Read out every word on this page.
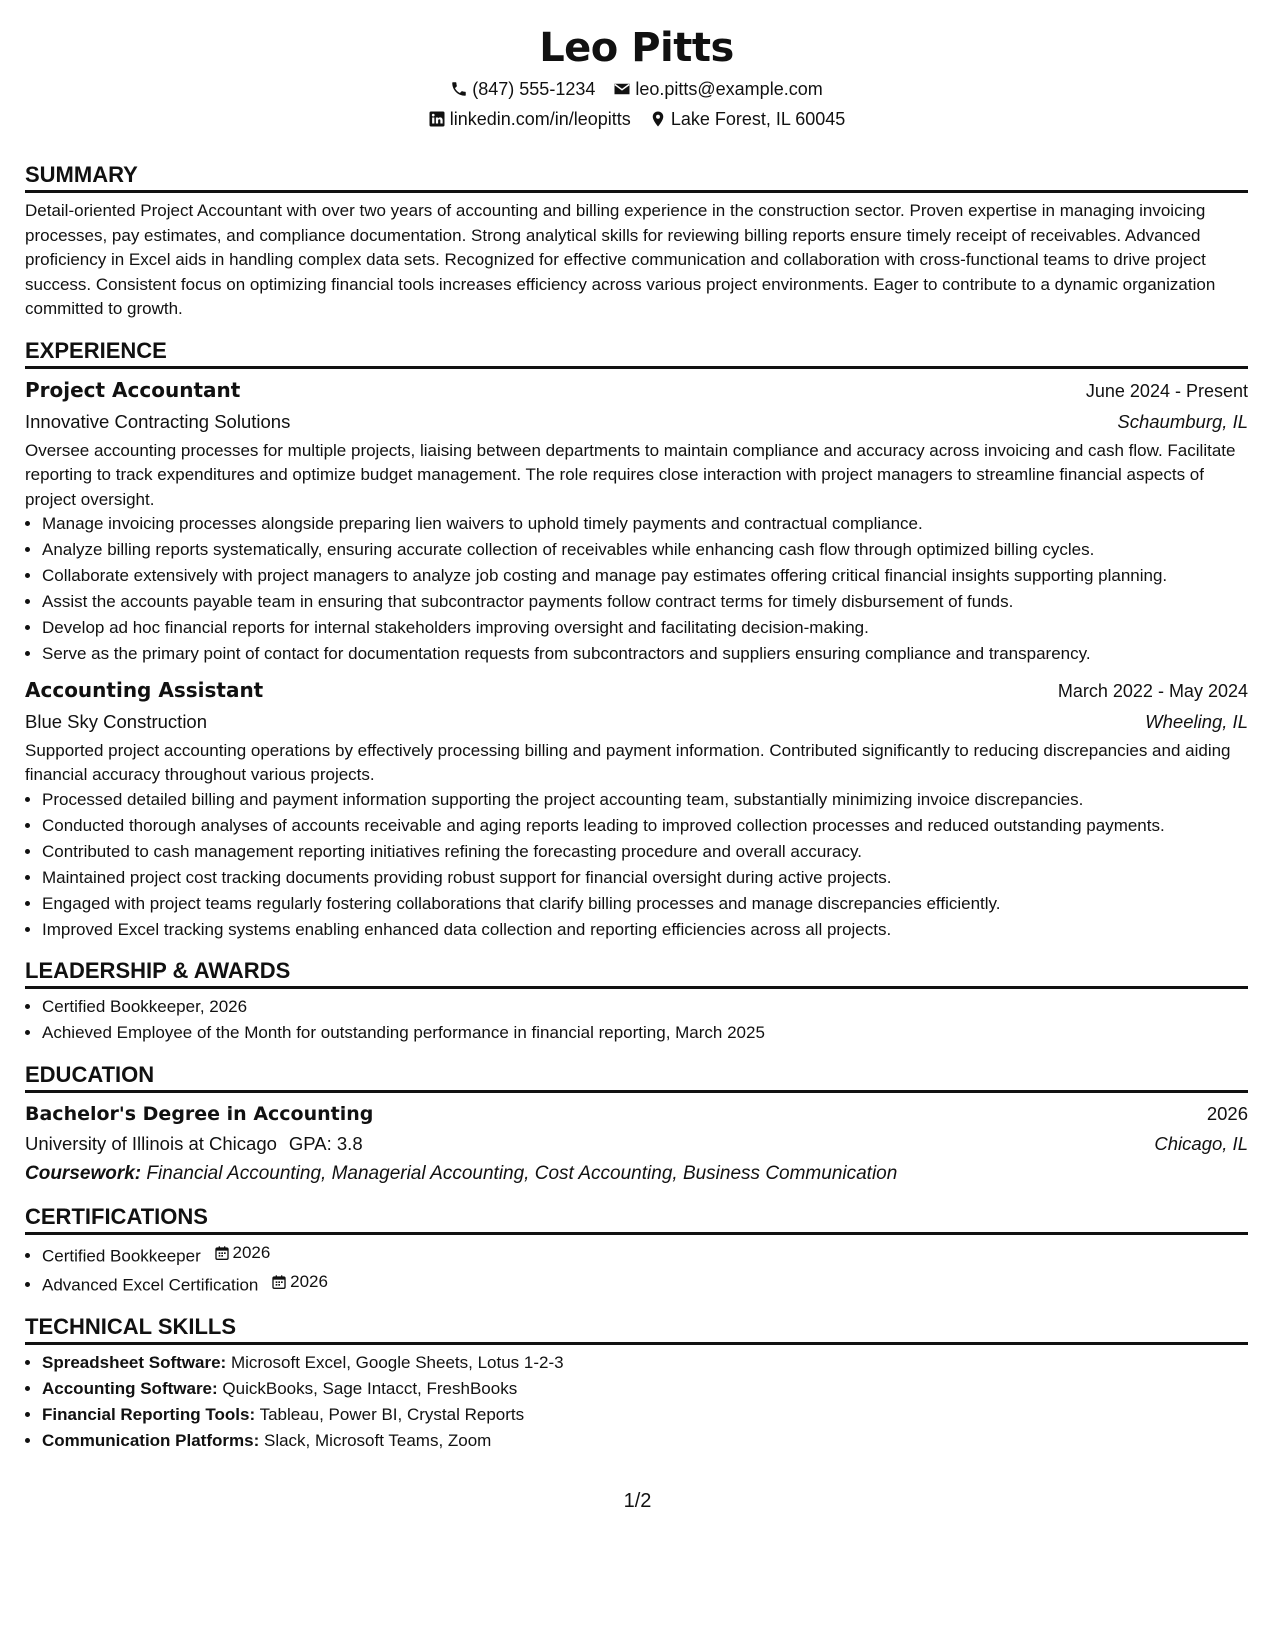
Leo Pitts
(847) 555-1234 leo.pitts@example.com
linkedin.com/in/leopitts Lake Forest, IL 60045
SUMMARY

Detail-oriented Project Accountant with over two years of accounting and billing experience in the construction sector. Proven expertise in managing invoicing processes, pay estimates, and compliance documentation. Strong analytical skills for reviewing billing reports ensure timely receipt of receivables. Advanced proficiency in Excel aids in handling complex data sets. Recognized for effective communication and collaboration with cross-functional teams to drive project success. Consistent focus on optimizing financial tools increases efficiency across various project environments. Eager to contribute to a dynamic organization committed to growth.

EXPERIENCE
Project Accountant	June 2024 - Present
Innovative Contracting Solutions	Schaumburg, IL

Oversee accounting processes for multiple projects, liaising between departments to maintain compliance and accuracy across invoicing and cash flow. Facilitate reporting to track expenditures and optimize budget management. The role requires close interaction with project managers to streamline financial aspects of project oversight.

• Manage invoicing processes alongside preparing lien waivers to uphold timely payments and contractual compliance.
• Analyze billing reports systematically, ensuring accurate collection of receivables while enhancing cash flow through optimized billing cycles.
• Collaborate extensively with project managers to analyze job costing and manage pay estimates offering critical financial insights supporting planning.
• Assist the accounts payable team in ensuring that subcontractor payments follow contract terms for timely disbursement of funds.
• Develop ad hoc financial reports for internal stakeholders improving oversight and facilitating decision-making.
• Serve as the primary point of contact for documentation requests from subcontractors and suppliers ensuring compliance and transparency.
Accounting Assistant	March 2022 - May 2024
Blue Sky Construction	Wheeling, IL

Supported project accounting operations by effectively processing billing and payment information. Contributed significantly to reducing discrepancies and aiding financial accuracy throughout various projects.

• Processed detailed billing and payment information supporting the project accounting team, substantially minimizing invoice discrepancies.
• Conducted thorough analyses of accounts receivable and aging reports leading to improved collection processes and reduced outstanding payments.
• Contributed to cash management reporting initiatives refining the forecasting procedure and overall accuracy.
• Maintained project cost tracking documents providing robust support for financial oversight during active projects.
• Engaged with project teams regularly fostering collaborations that clarify billing processes and manage discrepancies efficiently.
• Improved Excel tracking systems enabling enhanced data collection and reporting efficiencies across all projects.
LEADERSHIP & AWARDS
• Certified Bookkeeper, 2026
• Achieved Employee of the Month for outstanding performance in financial reporting, March 2025
EDUCATION
Bachelor's Degree in Accounting	2026
University of Illinois at Chicago GPA: 3.8	Chicago, IL
Coursework: Financial Accounting, Managerial Accounting, Cost Accounting, Business Communication
CERTIFICATIONS
• Certified Bookkeeper 2026
• Advanced Excel Certification 2026
TECHNICAL SKILLS
• Spreadsheet Software: Microsoft Excel, Google Sheets, Lotus 1-2-3
• Accounting Software: QuickBooks, Sage Intacct, FreshBooks
• Financial Reporting Tools: Tableau, Power BI, Crystal Reports
• Communication Platforms: Slack, Microsoft Teams, Zoom
1/2
